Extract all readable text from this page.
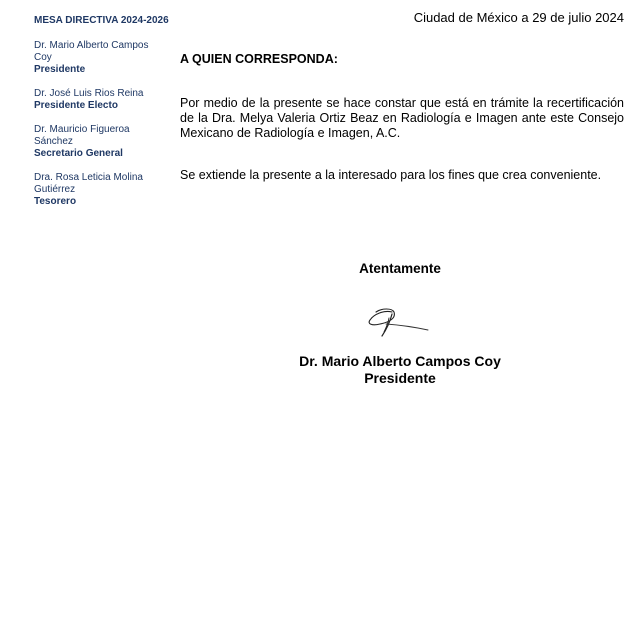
MESA DIRECTIVA 2024-2026
Dr. Mario Alberto Campos Coy
Presidente
Dr. José Luis Rios Reina
Presidente Electo
Dr. Mauricio Figueroa Sánchez
Secretario General
Dra. Rosa Leticia Molina Gutiérrez
Tesorero
Ciudad de México a 29 de julio 2024
A QUIEN CORRESPONDA:
Por medio de la presente se hace constar que está en trámite la recertificación de la Dra. Melya Valeria Ortiz Beaz en Radiología e Imagen ante este Consejo Mexicano de Radiología e Imagen, A.C.
Se extiende la presente a la interesado para los fines que crea conveniente.
Atentamente
Dr. Mario Alberto Campos Coy
Presidente
